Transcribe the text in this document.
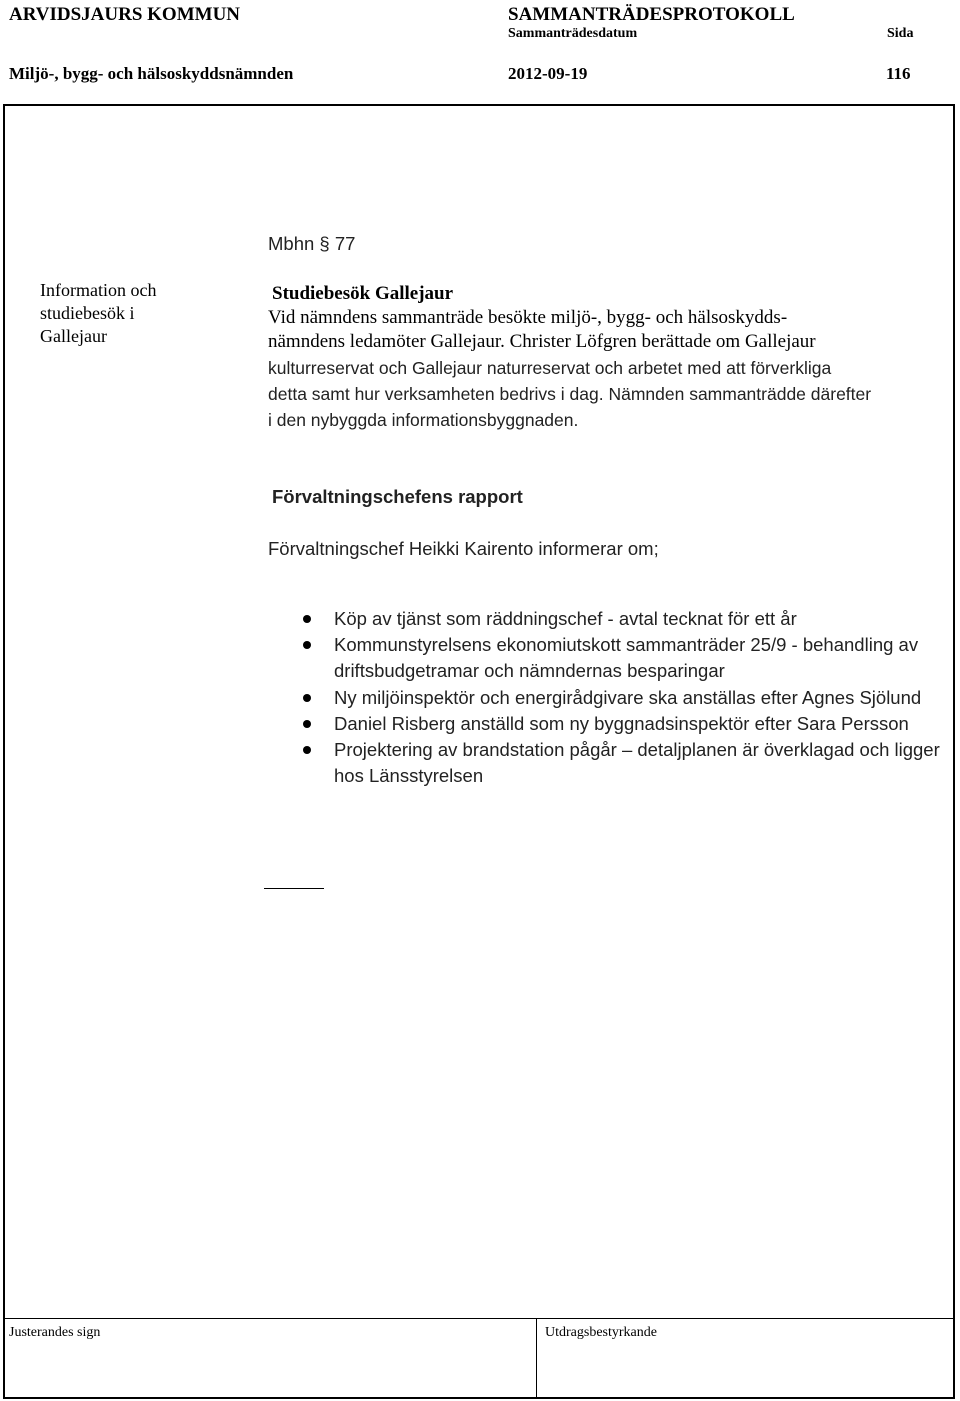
ARVIDSJAURS KOMMUN	SAMMANTRÄDESPROTOKOLL
Sammanträdesdatum	Sida
Miljö-, bygg- och hälsoskyddsnämnden	2012-09-19	116
Mbhn § 77
Information och
studiebesök i
Gallejaur
Studiebesök Gallejaur
Vid nämndens sammanträde besökte miljö-, bygg- och hälsoskydds-
nämndens ledamöter Gallejaur. Christer Löfgren berättade om Gallejaur
kulturreservat och Gallejaur naturreservat och arbetet med att förverkliga
detta samt hur verksamheten bedrivs i dag. Nämnden sammanträdde därefter
i den nybyggda informationsbyggnaden.
Förvaltningschefens rapport
Förvaltningschef Heikki Kairento informerar om;
Köp av tjänst som räddningschef - avtal tecknat för ett år
Kommunstyrelsens ekonomiutskott sammanträder 25/9 - behandling av driftsbudgetramar och nämndernas besparingar
Ny miljöinspektör och energirådgivare ska anställas efter Agnes Sjölund
Daniel Risberg anställd som ny byggnadsinspektör efter Sara Persson
Projektering av brandstation pågår – detaljplanen är överklagad och ligger hos Länsstyrelsen
Justerandes sign	Utdragsbestyrkande
